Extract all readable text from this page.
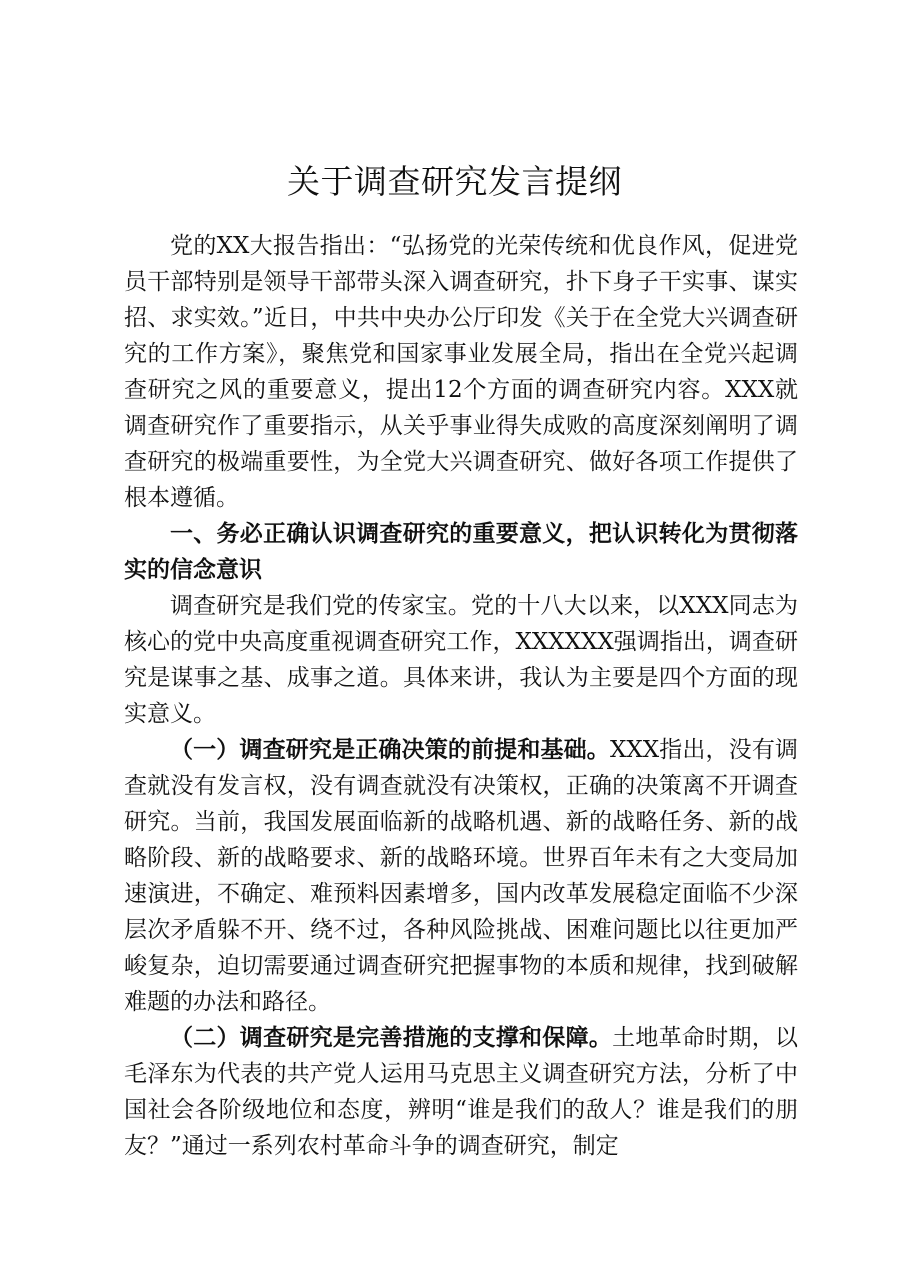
关于调查研究发言提纲

党的XX大报告指出：“弘扬党的光荣传统和优良作风，促进党员干部特别是领导干部带头深入调查研究，扑下身子干实事、谋实招、求实效。”近日，中共中央办公厅印发《关于在全党大兴调查研究的工作方案》，聚焦党和国家事业发展全局，指出在全党兴起调查研究之风的重要意义，提出12个方面的调查研究内容。XXX就调查研究作了重要指示，从关乎事业得失成败的高度深刻阐明了调查研究的极端重要性，为全党大兴调查研究、做好各项工作提供了根本遵循。

一、务必正确认识调查研究的重要意义，把认识转化为贯彻落实的信念意识

调查研究是我们党的传家宝。党的十八大以来，以XXX同志为核心的党中央高度重视调查研究工作，XXXXXX强调指出，调查研究是谋事之基、成事之道。具体来讲，我认为主要是四个方面的现实意义。

（一）调查研究是正确决策的前提和基础。XXX指出，没有调查就没有发言权，没有调查就没有决策权，正确的决策离不开调查研究。当前，我国发展面临新的战略机遇、新的战略任务、新的战略阶段、新的战略要求、新的战略环境。世界百年未有之大变局加速演进，不确定、难预料因素增多，国内改革发展稳定面临不少深层次矛盾躲不开、绕不过，各种风险挑战、困难问题比以往更加严峻复杂，迫切需要通过调查研究把握事物的本质和规律，找到破解难题的办法和路径。

（二）调查研究是完善措施的支撑和保障。土地革命时期，以毛泽东为代表的共产党人运用马克思主义调查研究方法，分析了中国社会各阶级地位和态度，辨明“谁是我们的敌人？谁是我们的朋友？”通过一系列农村革命斗争的调查研究，制定
